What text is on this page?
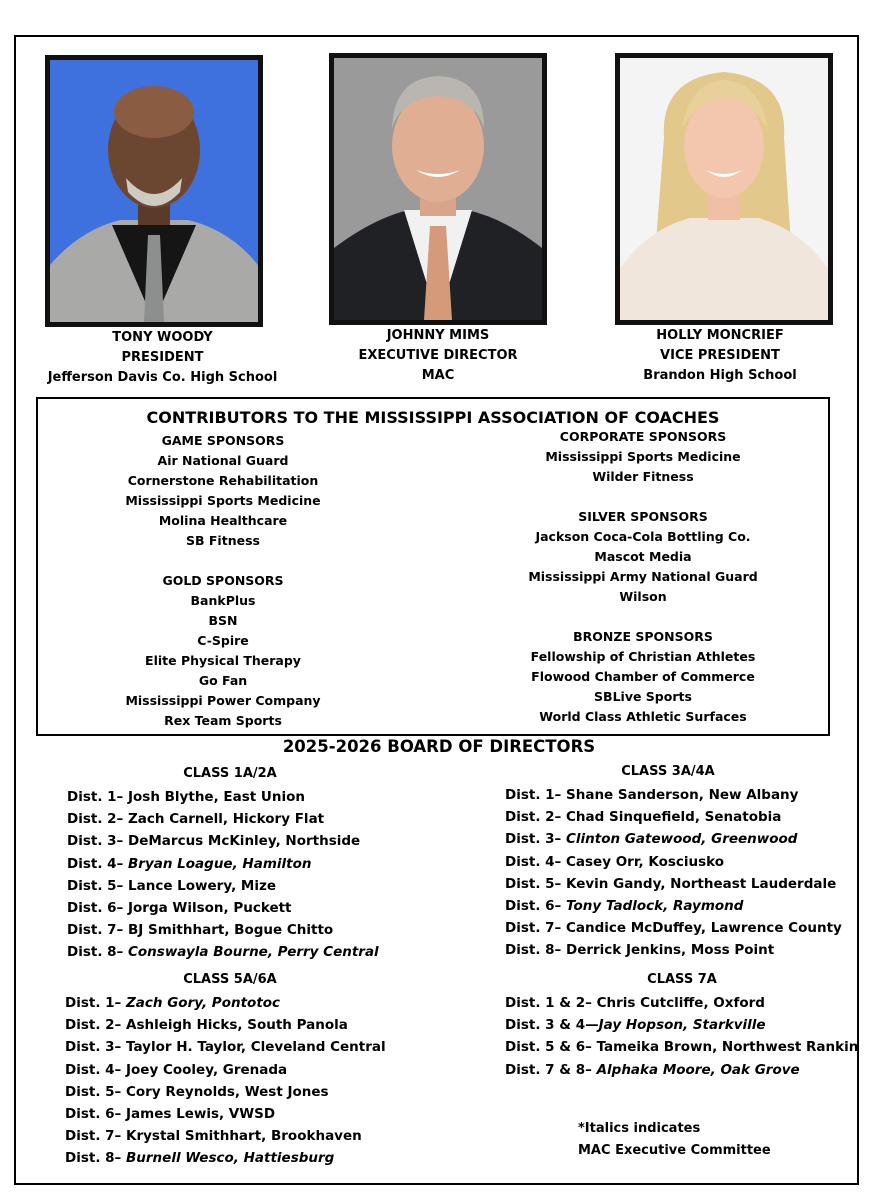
TONY WOODY
PRESIDENT
Jefferson Davis Co. High School
JOHNNY MIMS
EXECUTIVE DIRECTOR
MAC
HOLLY MONCRIEF
VICE PRESIDENT
Brandon High School
CONTRIBUTORS TO THE MISSISSIPPI ASSOCIATION OF COACHES
GAME SPONSORS
Air National Guard
Cornerstone Rehabilitation
Mississippi Sports Medicine
Molina Healthcare
SB Fitness
GOLD SPONSORS
BankPlus
BSN
C-Spire
Elite Physical Therapy
Go Fan
Mississippi Power Company
Rex Team Sports
CORPORATE SPONSORS
Mississippi Sports Medicine
Wilder Fitness
SILVER SPONSORS
Jackson Coca-Cola Bottling Co.
Mascot Media
Mississippi Army National Guard
Wilson
BRONZE SPONSORS
Fellowship of Christian Athletes
Flowood Chamber of Commerce
SBLive Sports
World Class Athletic Surfaces
2025-2026 BOARD OF DIRECTORS
CLASS 1A/2A
Dist. 1– Josh Blythe, East Union
Dist. 2– Zach Carnell, Hickory Flat
Dist. 3– DeMarcus McKinley, Northside
Dist. 4– Bryan Loague, Hamilton
Dist. 5– Lance Lowery, Mize
Dist. 6– Jorga Wilson, Puckett
Dist. 7– BJ Smithhart, Bogue Chitto
Dist. 8– Conswayla Bourne, Perry Central
CLASS 3A/4A
Dist. 1– Shane Sanderson, New Albany
Dist. 2– Chad Sinquefield, Senatobia
Dist. 3– Clinton Gatewood, Greenwood
Dist. 4– Casey Orr, Kosciusko
Dist. 5– Kevin Gandy, Northeast Lauderdale
Dist. 6– Tony Tadlock, Raymond
Dist. 7– Candice McDuffey, Lawrence County
Dist. 8– Derrick Jenkins, Moss Point
CLASS 5A/6A
Dist. 1– Zach Gory, Pontotoc
Dist. 2– Ashleigh Hicks, South Panola
Dist. 3– Taylor H. Taylor, Cleveland Central
Dist. 4– Joey Cooley, Grenada
Dist. 5– Cory Reynolds, West Jones
Dist. 6– James Lewis, VWSD
Dist. 7– Krystal Smithhart, Brookhaven
Dist. 8– Burnell Wesco, Hattiesburg
CLASS 7A
Dist. 1 & 2– Chris Cutcliffe, Oxford
Dist. 3 & 4—Jay Hopson, Starkville
Dist. 5 & 6– Tameika Brown, Northwest Rankin
Dist. 7 & 8– Alphaka Moore, Oak Grove
*Italics indicates
MAC Executive Committee
